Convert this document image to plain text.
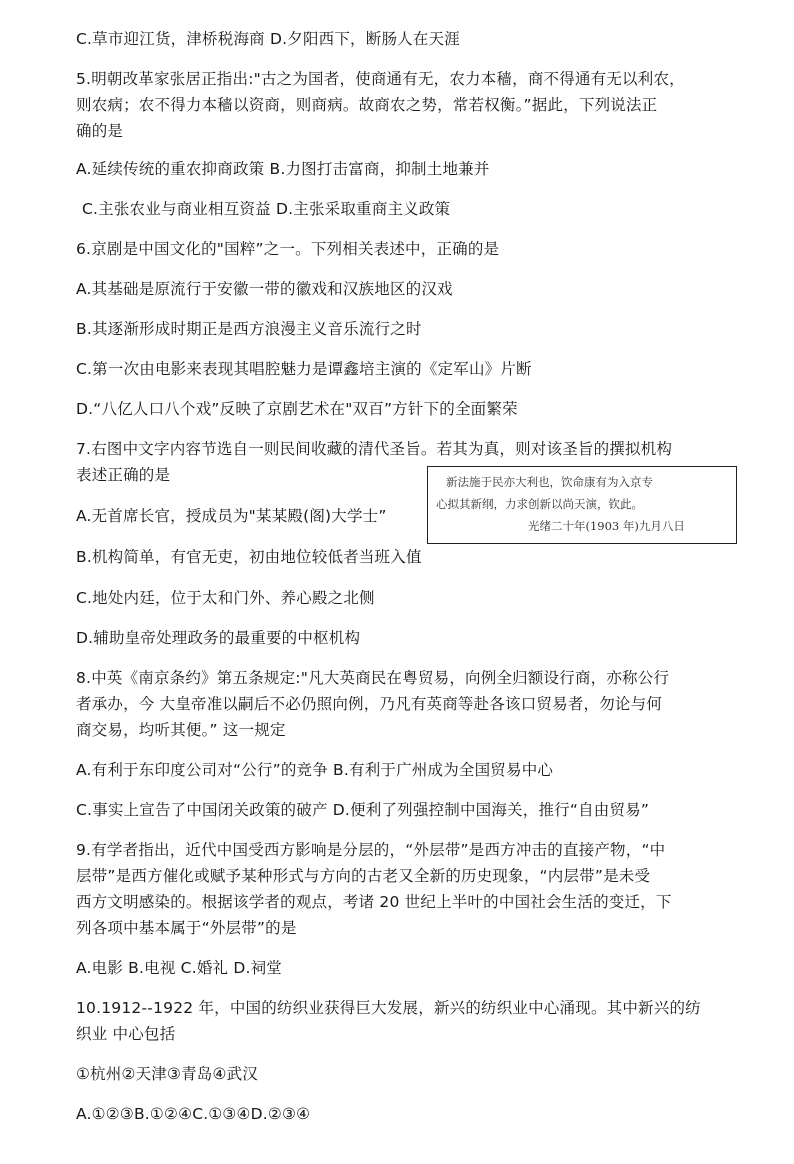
C.草市迎江货，津桥税海商 D.夕阳西下，断肠人在天涯
5.明朝改革家张居正指出:"古之为国者，使商通有无，农力本穑，商不得通有无以利农，
则农病；农不得力本穑以资商，则商病。故商农之势，常若权衡。”据此，下列说法正
确的是
A.延续传统的重农抑商政策 B.力图打击富商，抑制土地兼并
C.主张农业与商业相互资益 D.主张采取重商主义政策
6.京剧是中国文化的"国粹”之一。下列相关表述中，正确的是
A.其基础是原流行于安徽一带的徽戏和汉族地区的汉戏
B.其逐渐形成时期正是西方浪漫主义音乐流行之时
C.第一次由电影来表现其唱腔魅力是谭鑫培主演的《定军山》片断
D.“八亿人口八个戏”反映了京剧艺术在"双百”方针下的全面繁荣
7.右图中文字内容节选自一则民间收藏的清代圣旨。若其为真，则对该圣旨的撰拟机构
表述正确的是
A.无首席长官，授成员为"某某殿(阁)大学士”
B.机构简单，有官无吏，初由地位较低者当班入值
C.地处内廷，位于太和门外、养心殿之北侧
D.辅助皇帝处理政务的最重要的中枢机构
新法施于民亦大利也，饮命康有为入京专
心拟其新纲，力求创新以尚天演，钦此。
光绪二十年(1903 年)九月八日
8.中英《南京条约》第五条规定:"凡大英商民在粤贸易，向例全归额设行商，亦称公行
者承办，今 大皇帝准以嗣后不必仍照向例，乃凡有英商等赴各该口贸易者，勿论与何
商交易，均听其便。” 这一规定
A.有利于东印度公司对“公行”的竞争 B.有利于广州成为全国贸易中心
C.事实上宣告了中国闭关政策的破产 D.便利了列强控制中国海关，推行“自由贸易”
9.有学者指出，近代中国受西方影响是分层的，“外层带”是西方冲击的直接产物，“中
层带”是西方催化或赋予某种形式与方向的古老又全新的历史现象，“内层带”是未受
西方文明感染的。根据该学者的观点，考诸 20 世纪上半叶的中国社会生活的变迁，下
列各项中基本属于“外层带”的是
A.电影 B.电视 C.婚礼 D.祠堂
10.1912--1922 年，中国的纺织业获得巨大发展，新兴的纺织业中心涌现。其中新兴的纺
织业 中心包括
①杭州②天津③青岛④武汉
A.①②③B.①②④C.①③④D.②③④
